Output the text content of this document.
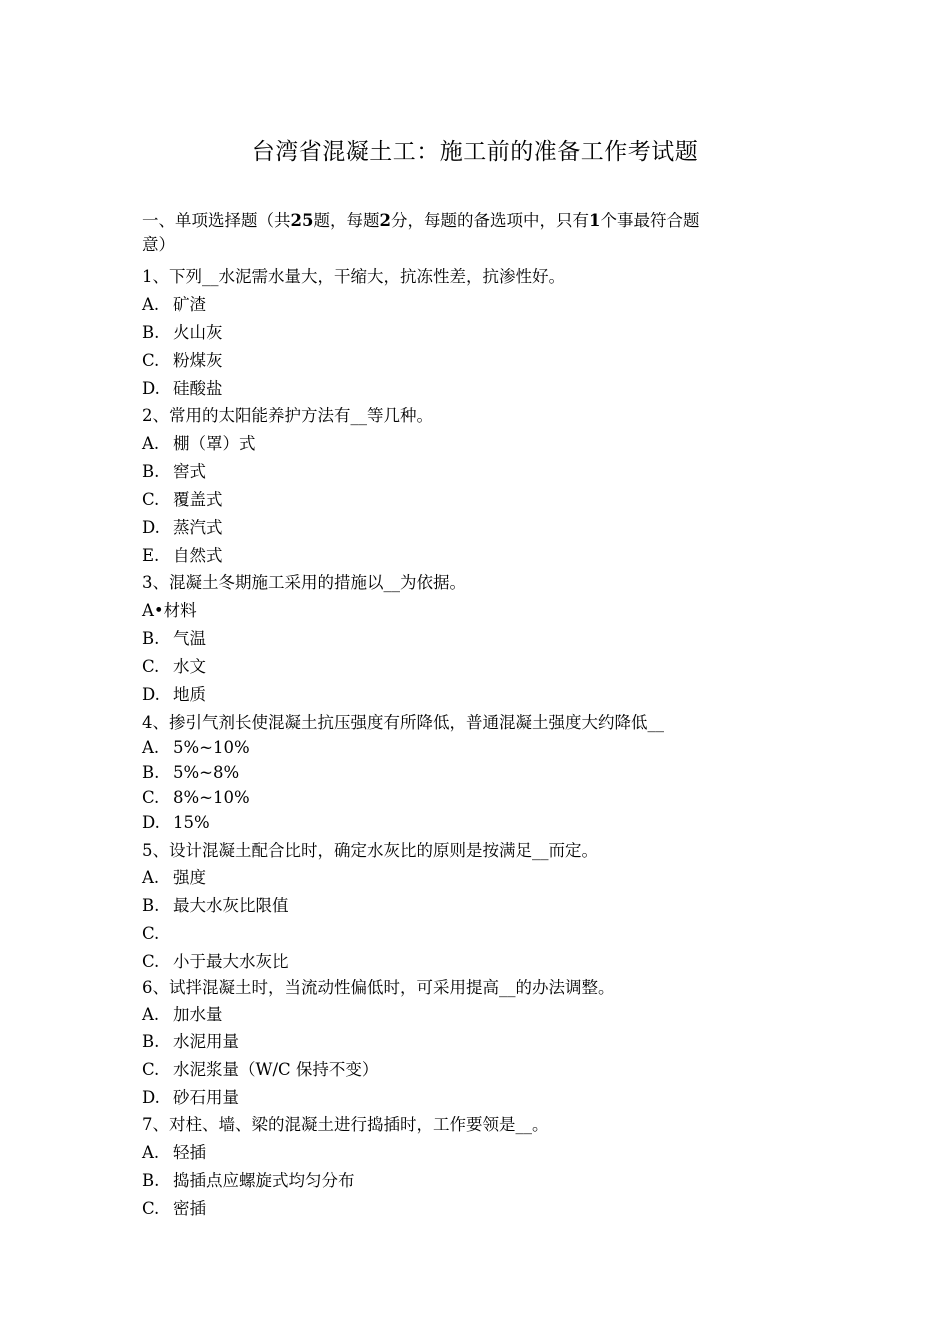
台湾省混凝土工：施工前的准备工作考试题
一、单项选择题（共25题，每题2分，每题的备选项中，只有1个事最符合题
意）
1、下列__水泥需水量大，干缩大，抗冻性差，抗渗性好。
A. 矿渣
B. 火山灰
C. 粉煤灰
D. 硅酸盐
2、常用的太阳能养护方法有__等几种。
A. 棚（罩）式
B. 窖式
C. 覆盖式
D. 蒸汽式
E. 自然式
3、混凝土冬期施工采用的措施以__为依据。
A•材料
B. 气温
C. 水文
D. 地质
4、掺引气剂长使混凝土抗压强度有所降低，普通混凝土强度大约降低__
A. 5%~10%
B. 5%~8%
C. 8%~10%
D. 15%
5、设计混凝土配合比时，确定水灰比的原则是按满足__而定。
A. 强度
B. 最大水灰比限值
C.
C. 小于最大水灰比
6、试拌混凝土时，当流动性偏低时，可采用提高__的办法调整。
A. 加水量
B. 水泥用量
C. 水泥浆量（W/C 保持不变）
D. 砂石用量
7、对柱、墙、梁的混凝土进行捣插时，工作要领是__。
A. 轻插
B. 捣插点应螺旋式均匀分布
C. 密插
